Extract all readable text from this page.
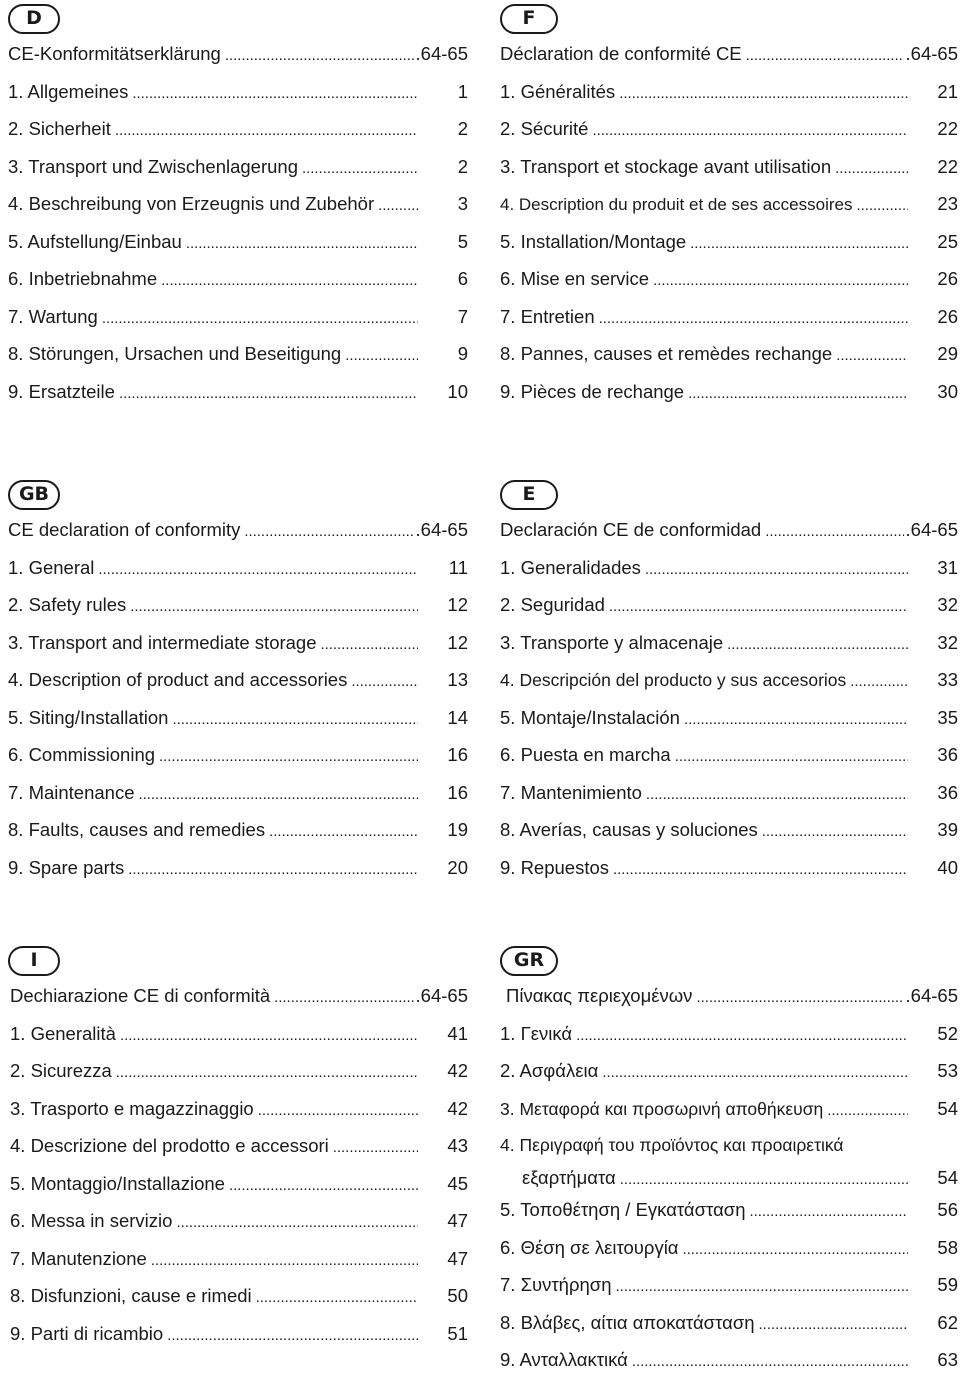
D
CE-Konformitätserklärung . . .	.64-65
1. Allgemeines . . .	1
2. Sicherheit . . .	2
3. Transport und Zwischenlagerung . . .	2
4. Beschreibung von Erzeugnis und Zubehör . . .	3
5. Aufstellung/Einbau . . .	5
6. Inbetriebnahme . . .	6
7. Wartung . . .	7
8. Störungen, Ursachen und Beseitigung . . .	9
9. Ersatzteile . . .	10
F
Déclaration de conformité CE . . .	.64-65
1. Généralités . . .	21
2. Sécurité . . .	22
3. Transport et stockage avant utilisation . . .	22
4. Description du produit et de ses accessoires . . .	23
5. Installation/Montage . . .	25
6. Mise en service . . .	26
7. Entretien . . .	26
8. Pannes, causes et remèdes rechange . . .	29
9. Pièces de rechange . . .	30
GB
CE declaration of conformity . . .	.64-65
1. General . . .	11
2. Safety rules . . .	12
3. Transport and intermediate storage . . .	12
4. Description of product and accessories . . .	13
5. Siting/Installation . . .	14
6. Commissioning . . .	16
7. Maintenance . . .	16
8. Faults, causes and remedies . . .	19
9. Spare parts . . .	20
E
Declaración CE de conformidad . . .	.64-65
1. Generalidades . . .	31
2. Seguridad . . .	32
3. Transporte y almacenaje . . .	32
4. Descripción del producto y sus accesorios . . .	33
5. Montaje/Instalación . . .	35
6. Puesta en marcha . . .	36
7. Mantenimiento . . .	36
8. Averías, causas y soluciones . . .	39
9. Repuestos . . .	40
I
Dechiarazione CE di conformità . . .	.64-65
1. Generalità . . .	41
2. Sicurezza . . .	42
3. Trasporto e magazzinaggio . . .	42
4. Descrizione del prodotto e accessori . . .	43
5. Montaggio/Installazione . . .	45
6. Messa in servizio . . .	47
7. Manutenzione . . .	47
8. Disfunzioni, cause e rimedi . . .	50
9. Parti di ricambio . . .	51
GR
Πίνακας περιεχομένων . . .	.64-65
1. Γενικά . . .	52
2. Ασφάλεια . . .	53
3. Μεταφορά και προσωρινή αποθήκευση . . .	54
4. Περιγραφή του προϊόντος και προαιρετικά
εξαρτήματα . . .	54
5. Τοποθέτηση / Εγκατάσταση . . .	56
6. Θέση σε λειτουργία . . .	58
7. Συντήρηση . . .	59
8. Βλάβες, αίτια αποκατάσταση . . .	62
9. Ανταλλακτικά . . .	63
